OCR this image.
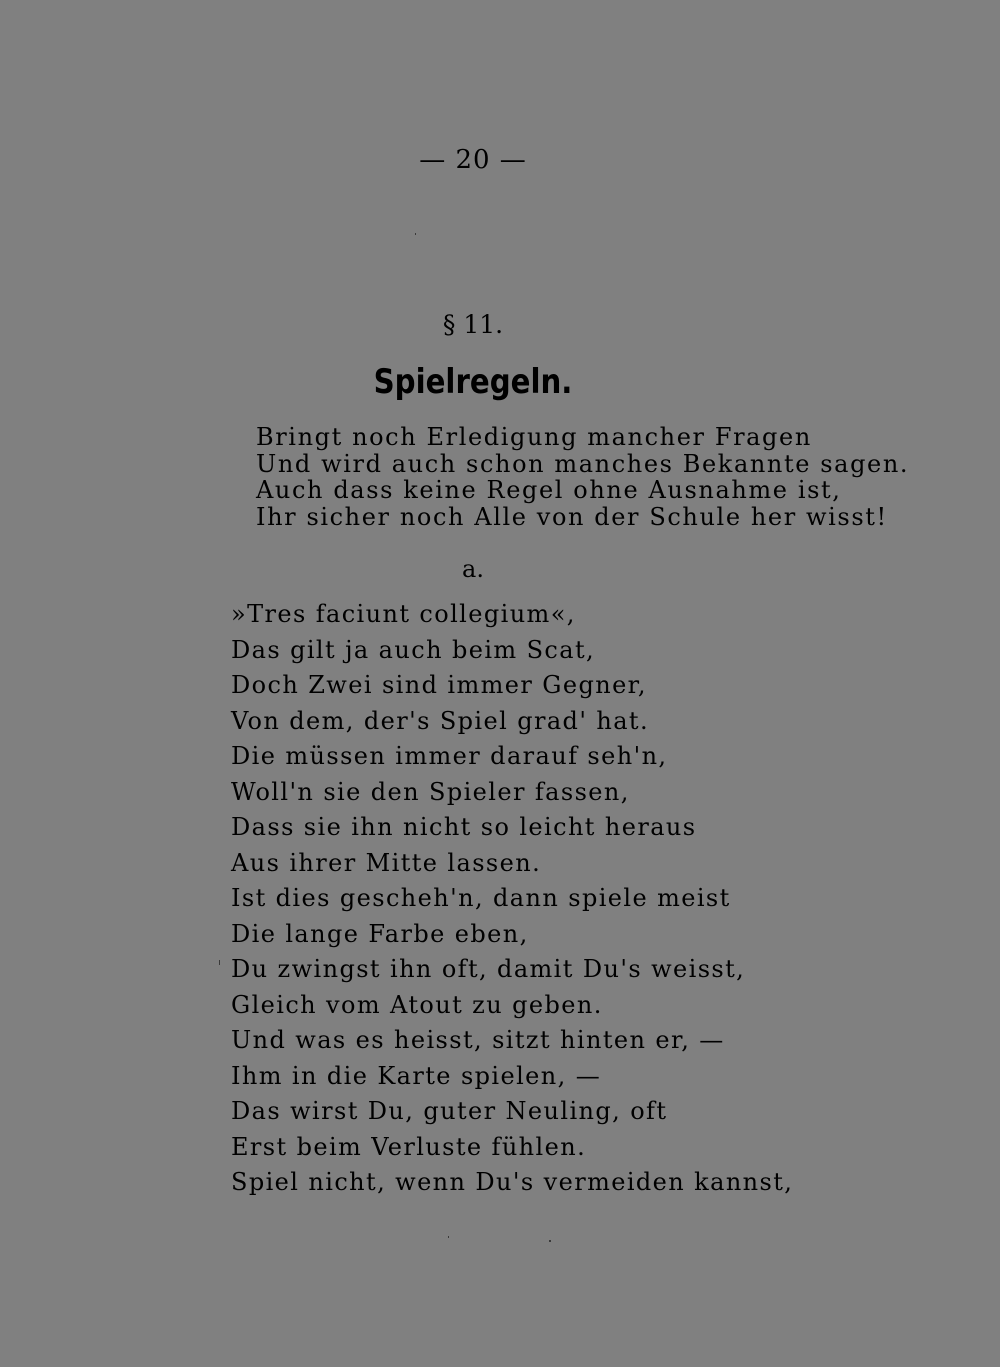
— 20 —
§ 11.
Spielregeln.
Bringt noch Erledigung mancher Fragen
Und wird auch schon manches Bekannte sagen.
Auch dass keine Regel ohne Ausnahme ist,
Ihr sicher noch Alle von der Schule her wisst!
a.
»Tres faciunt collegium«,
Das gilt ja auch beim Scat,
Doch Zwei sind immer Gegner,
Von dem, der's Spiel grad' hat.
Die müssen immer darauf seh'n,
Woll'n sie den Spieler fassen,
Dass sie ihn nicht so leicht heraus
Aus ihrer Mitte lassen.
Ist dies gescheh'n, dann spiele meist
Die lange Farbe eben,
Du zwingst ihn oft, damit Du's weisst,
Gleich vom Atout zu geben.
Und was es heisst, sitzt hinten er, —
Ihm in die Karte spielen, —
Das wirst Du, guter Neuling, oft
Erst beim Verluste fühlen.
Spiel nicht, wenn Du's vermeiden kannst,
